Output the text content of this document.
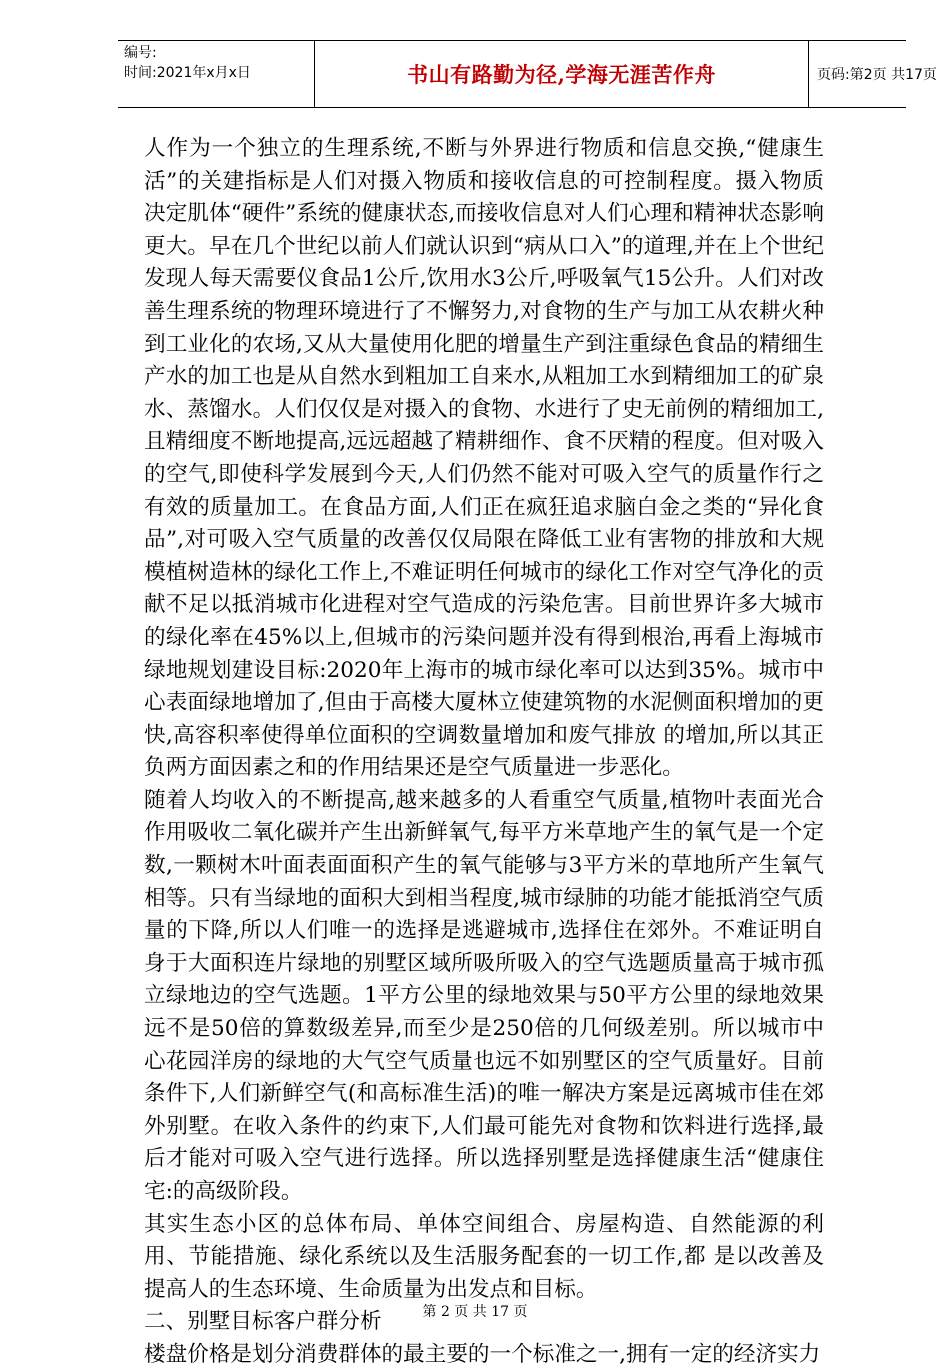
编号:
时间:2021年x月x日	书山有路勤为径,学海无涯苦作舟	页码:第2页 共17页

人作为一个独立的生理系统,不断与外界进行物质和信息交换,“健康生活”的关建指标是人们对摄入物质和接收信息的可控制程度。摄入物质决定肌体“硬件”系统的健康状态,而接收信息对人们心理和精神状态影响更大。早在几个世纪以前人们就认识到“病从口入”的道理,并在上个世纪发现人每天需要仪食品1公斤,饮用水3公斤,呼吸氧气15公升。人们对改善生理系统的物理环境进行了不懈努力,对食物的生产与加工从农耕火种到工业化的农场,又从大量使用化肥的增量生产到注重绿色食品的精细生产水的加工也是从自然水到粗加工自来水,从粗加工水到精细加工的矿泉水、蒸馏水。人们仅仅是对摄入的食物、水进行了史无前例的精细加工,且精细度不断地提高,远远超越了精耕细作、食不厌精的程度。但对吸入的空气,即使科学发展到今天,人们仍然不能对可吸入空气的质量作行之有效的质量加工。在食品方面,人们正在疯狂追求脑白金之类的“异化食品”,对可吸入空气质量的改善仅仅局限在降低工业有害物的排放和大规模植树造林的绿化工作上,不难证明任何城市的绿化工作对空气净化的贡献不足以抵消城市化进程对空气造成的污染危害。目前世界许多大城市的绿化率在45%以上,但城市的污染问题并没有得到根治,再看上海城市绿地规划建设目标:2020年上海市的城市绿化率可以达到35%。城市中心表面绿地增加了,但由于高楼大厦林立使建筑物的水泥侧面积增加的更快,高容积率使得单位面积的空调数量增加和废气排放 的增加,所以其正负两方面因素之和的作用结果还是空气质量进一步恶化。

随着人均收入的不断提高,越来越多的人看重空气质量,植物叶表面光合作用吸收二氧化碳并产生出新鲜氧气,每平方米草地产生的氧气是一个定数,一颗树木叶面表面面积产生的氧气能够与3平方米的草地所产生氧气相等。只有当绿地的面积大到相当程度,城市绿肺的功能才能抵消空气质量的下降,所以人们唯一的选择是逃避城市,选择住在郊外。不难证明自身于大面积连片绿地的别墅区域所吸所吸入的空气选题质量高于城市孤立绿地边的空气选题。1平方公里的绿地效果与50平方公里的绿地效果远不是50倍的算数级差异,而至少是250倍的几何级差别。所以城市中心花园洋房的绿地的大气空气质量也远不如别墅区的空气质量好。目前条件下,人们新鲜空气(和高标准生活)的唯一解决方案是远离城市佳在郊外别墅。在收入条件的约束下,人们最可能先对食物和饮料进行选择,最后才能对可吸入空气进行选择。所以选择别墅是选择健康生活“健康住宅:的高级阶段。

其实生态小区的总体布局、单体空间组合、房屋构造、自然能源的利用、节能措施、绿化系统以及生活服务配套的一切工作,都 是以改善及提高人的生态环境、生命质量为出发点和目标。

二、别墅目标客户群分析

楼盘价格是划分消费群体的最主要的一个标准之一,拥有一定的经济实力

第 2 页 共 17 页
